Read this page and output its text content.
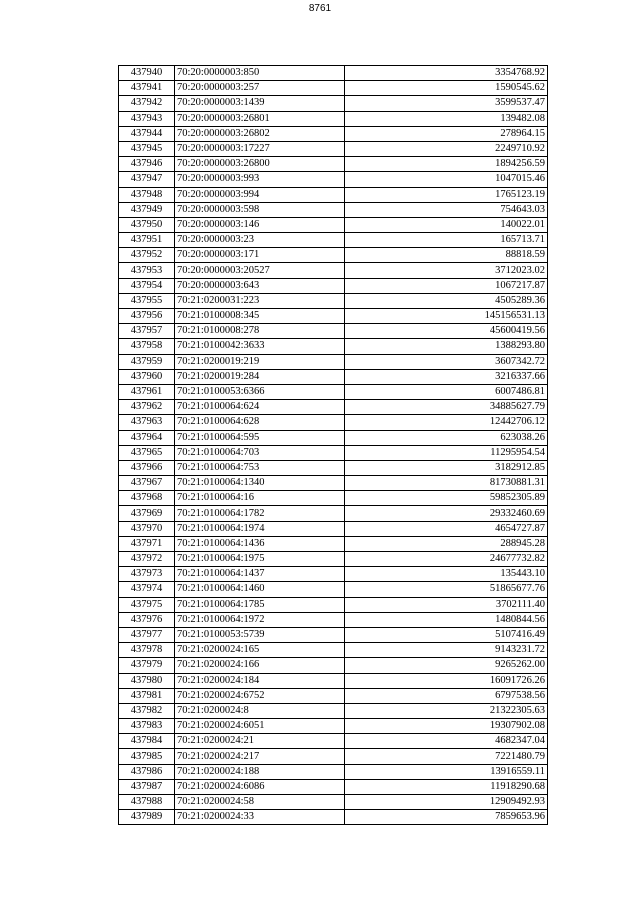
8761
437940	70:20:0000003:850	3354768.92
437941	70:20:0000003:257	1590545.62
437942	70:20:0000003:1439	3599537.47
437943	70:20:0000003:26801	139482.08
437944	70:20:0000003:26802	278964.15
437945	70:20:0000003:17227	2249710.92
437946	70:20:0000003:26800	1894256.59
437947	70:20:0000003:993	1047015.46
437948	70:20:0000003:994	1765123.19
437949	70:20:0000003:598	754643.03
437950	70:20:0000003:146	140022.01
437951	70:20:0000003:23	165713.71
437952	70:20:0000003:171	88818.59
437953	70:20:0000003:20527	3712023.02
437954	70:20:0000003:643	1067217.87
437955	70:21:0200031:223	4505289.36
437956	70:21:0100008:345	145156531.13
437957	70:21:0100008:278	45600419.56
437958	70:21:0100042:3633	1388293.80
437959	70:21:0200019:219	3607342.72
437960	70:21:0200019:284	3216337.66
437961	70:21:0100053:6366	6007486.81
437962	70:21:0100064:624	34885627.79
437963	70:21:0100064:628	12442706.12
437964	70:21:0100064:595	623038.26
437965	70:21:0100064:703	11295954.54
437966	70:21:0100064:753	3182912.85
437967	70:21:0100064:1340	81730881.31
437968	70:21:0100064:16	59852305.89
437969	70:21:0100064:1782	29332460.69
437970	70:21:0100064:1974	4654727.87
437971	70:21:0100064:1436	288945.28
437972	70:21:0100064:1975	24677732.82
437973	70:21:0100064:1437	135443.10
437974	70:21:0100064:1460	51865677.76
437975	70:21:0100064:1785	3702111.40
437976	70:21:0100064:1972	1480844.56
437977	70:21:0100053:5739	5107416.49
437978	70:21:0200024:165	9143231.72
437979	70:21:0200024:166	9265262.00
437980	70:21:0200024:184	16091726.26
437981	70:21:0200024:6752	6797538.56
437982	70:21:0200024:8	21322305.63
437983	70:21:0200024:6051	19307902.08
437984	70:21:0200024:21	4682347.04
437985	70:21:0200024:217	7221480.79
437986	70:21:0200024:188	13916559.11
437987	70:21:0200024:6086	11918290.68
437988	70:21:0200024:58	12909492.93
437989	70:21:0200024:33	7859653.96
